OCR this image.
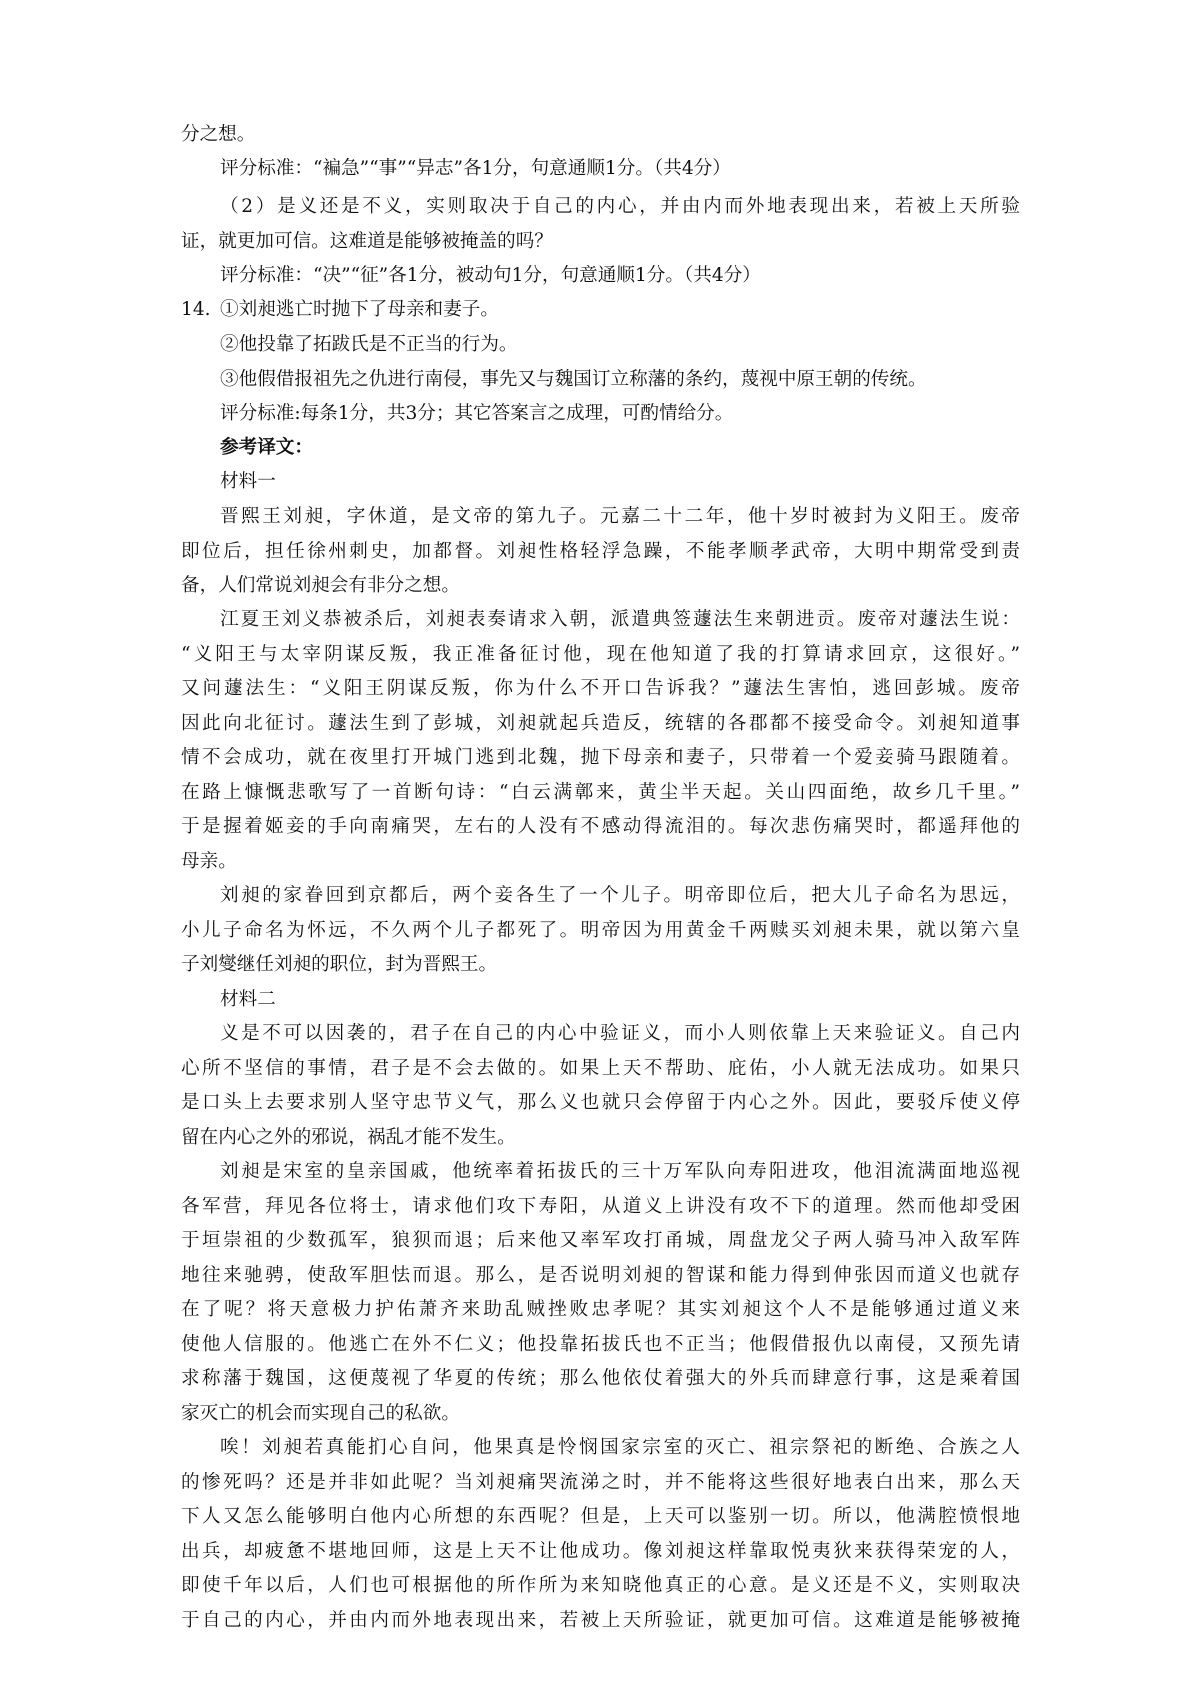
分之想。
评分标准：“褊急”“事”“异志”各1分，句意通顺1分。（共4分）
（2）是义还是不义，实则取决于自己的内心，并由内而外地表现出来，若被上天所验
证，就更加可信。这难道是能够被掩盖的吗？
评分标准：“决”“征”各1分，被动句1分，句意通顺1分。（共4分）
14. ①刘昶逃亡时抛下了母亲和妻子。
②他投靠了拓跋氏是不正当的行为。
③他假借报祖先之仇进行南侵，事先又与魏国订立称藩的条约，蔑视中原王朝的传统。
评分标准:每条1分，共3分；其它答案言之成理，可酌情给分。
参考译文：
材料一
晋熙王刘昶，字休道，是文帝的第九子。元嘉二十二年，他十岁时被封为义阳王。废帝
即位后，担任徐州刺史，加都督。刘昶性格轻浮急躁，不能孝顺孝武帝，大明中期常受到责
备，人们常说刘昶会有非分之想。
江夏王刘义恭被杀后，刘昶表奏请求入朝，派遣典签蘧法生来朝进贡。废帝对蘧法生说：
“义阳王与太宰阴谋反叛，我正准备征讨他，现在他知道了我的打算请求回京，这很好。”
又问蘧法生：“义阳王阴谋反叛，你为什么不开口告诉我？”蘧法生害怕，逃回彭城。废帝
因此向北征讨。蘧法生到了彭城，刘昶就起兵造反，统辖的各郡都不接受命令。刘昶知道事
情不会成功，就在夜里打开城门逃到北魏，抛下母亲和妻子，只带着一个爱妾骑马跟随着。
在路上慷慨悲歌写了一首断句诗：“白云满鄣来，黄尘半天起。关山四面绝，故乡几千里。”
于是握着姬妾的手向南痛哭，左右的人没有不感动得流泪的。每次悲伤痛哭时，都遥拜他的
母亲。
刘昶的家眷回到京都后，两个妾各生了一个儿子。明帝即位后，把大儿子命名为思远，
小儿子命名为怀远，不久两个儿子都死了。明帝因为用黄金千两赎买刘昶未果，就以第六皇
子刘燮继任刘昶的职位，封为晋熙王。
材料二
义是不可以因袭的，君子在自己的内心中验证义，而小人则依靠上天来验证义。自己内
心所不坚信的事情，君子是不会去做的。如果上天不帮助、庇佑，小人就无法成功。如果只
是口头上去要求别人坚守忠节义气，那么义也就只会停留于内心之外。因此，要驳斥使义停
留在内心之外的邪说，祸乱才能不发生。
刘昶是宋室的皇亲国戚，他统率着拓拔氏的三十万军队向寿阳进攻，他泪流满面地巡视
各军营，拜见各位将士，请求他们攻下寿阳，从道义上讲没有攻不下的道理。然而他却受困
于垣崇祖的少数孤军，狼狈而退；后来他又率军攻打甬城，周盘龙父子两人骑马冲入敌军阵
地往来驰骋，使敌军胆怯而退。那么，是否说明刘昶的智谋和能力得到伸张因而道义也就存
在了呢？将天意极力护佑萧齐来助乱贼挫败忠孝呢？其实刘昶这个人不是能够通过道义来
使他人信服的。他逃亡在外不仁义；他投靠拓拔氏也不正当；他假借报仇以南侵，又预先请
求称藩于魏国，这便蔑视了华夏的传统；那么他依仗着强大的外兵而肆意行事，这是乘着国
家灭亡的机会而实现自己的私欲。
唉！刘昶若真能扪心自问，他果真是怜悯国家宗室的灭亡、祖宗祭祀的断绝、合族之人
的惨死吗？还是并非如此呢？当刘昶痛哭流涕之时，并不能将这些很好地表白出来，那么天
下人又怎么能够明白他内心所想的东西呢？但是，上天可以鉴别一切。所以，他满腔愤恨地
出兵，却疲惫不堪地回师，这是上天不让他成功。像刘昶这样靠取悦夷狄来获得荣宠的人，
即使千年以后，人们也可根据他的所作所为来知晓他真正的心意。是义还是不义，实则取决
于自己的内心，并由内而外地表现出来，若被上天所验证，就更加可信。这难道是能够被掩
